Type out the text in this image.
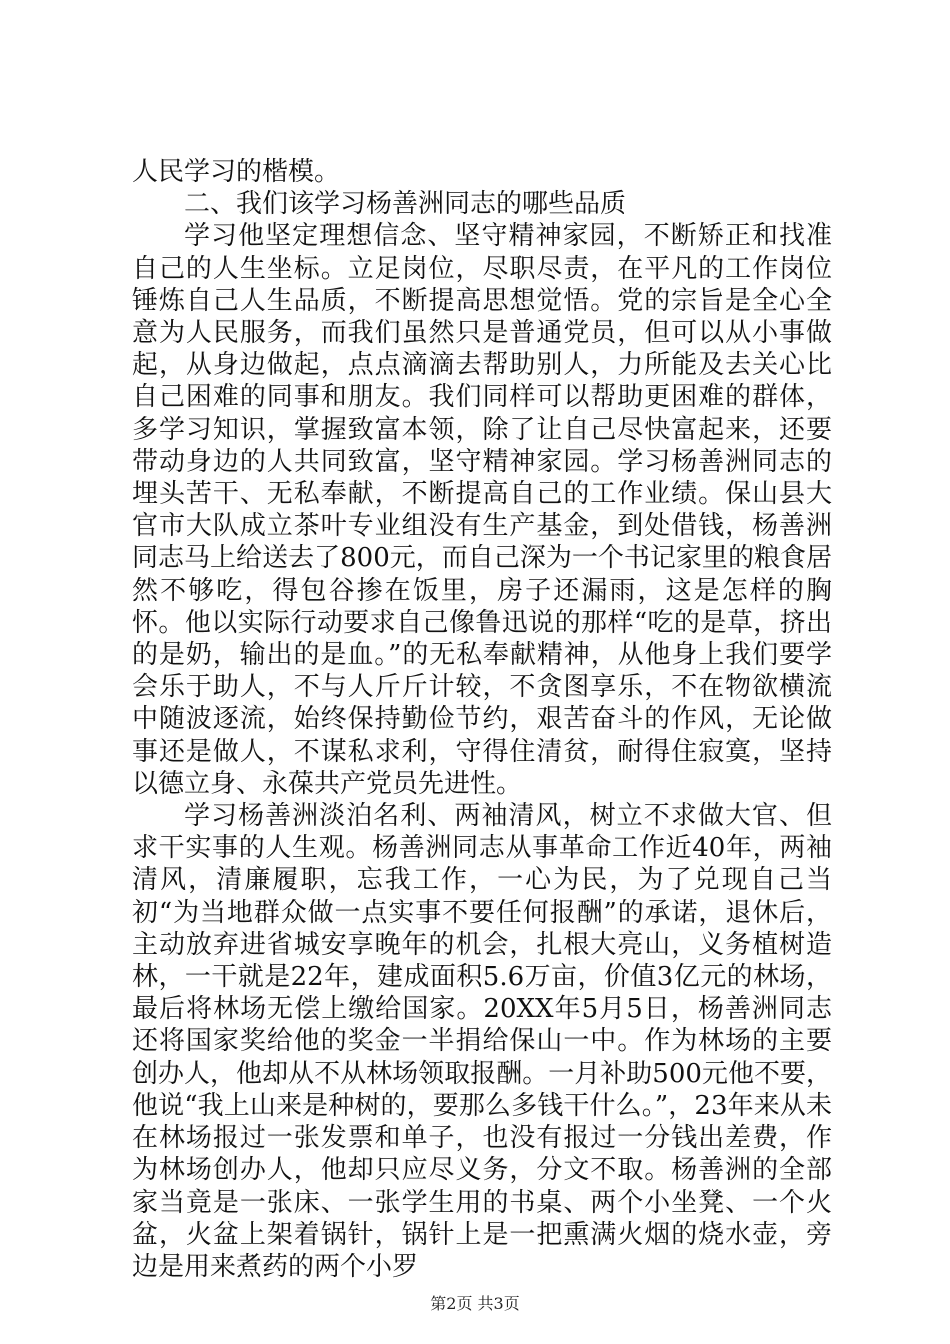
人民学习的楷模。

二、我们该学习杨善洲同志的哪些品质

学习他坚定理想信念、坚守精神家园，不断矫正和找准自己的人生坐标。立足岗位，尽职尽责，在平凡的工作岗位锤炼自己人生品质，不断提高思想觉悟。党的宗旨是全心全意为人民服务，而我们虽然只是普通党员，但可以从小事做起，从身边做起，点点滴滴去帮助别人，力所能及去关心比自己困难的同事和朋友。我们同样可以帮助更困难的群体，多学习知识，掌握致富本领，除了让自己尽快富起来，还要带动身边的人共同致富，坚守精神家园。学习杨善洲同志的埋头苦干、无私奉献，不断提高自己的工作业绩。保山县大官市大队成立茶叶专业组没有生产基金，到处借钱，杨善洲同志马上给送去了800元，而自己深为一个书记家里的粮食居然不够吃，得包谷掺在饭里，房子还漏雨，这是怎样的胸怀。他以实际行动要求自己像鲁迅说的那样“吃的是草，挤出的是奶，输出的是血。”的无私奉献精神，从他身上我们要学会乐于助人，不与人斤斤计较，不贪图享乐，不在物欲横流中随波逐流，始终保持勤俭节约，艰苦奋斗的作风，无论做事还是做人，不谋私求利，守得住清贫，耐得住寂寞，坚持以德立身、永葆共产党员先进性。

学习杨善洲淡泊名利、两袖清风，树立不求做大官、但求干实事的人生观。杨善洲同志从事革命工作近40年，两袖清风，清廉履职，忘我工作，一心为民，为了兑现自己当初“为当地群众做一点实事不要任何报酬”的承诺，退休后，主动放弃进省城安享晚年的机会，扎根大亮山，义务植树造林，一干就是22年，建成面积5.6万亩，价值3亿元的林场，最后将林场无偿上缴给国家。20XX年5月5日，杨善洲同志还将国家奖给他的奖金一半捐给保山一中。作为林场的主要创办人，他却从不从林场领取报酬。一月补助500元他不要，他说“我上山来是种树的，要那么多钱干什么。”，23年来从未在林场报过一张发票和单子，也没有报过一分钱出差费，作为林场创办人，他却只应尽义务，分文不取。杨善洲的全部家当竟是一张床、一张学生用的书桌、两个小坐凳、一个火盆，火盆上架着锅针，锅针上是一把熏满火烟的烧水壶，旁边是用来煮药的两个小罗

第2页 共3页
